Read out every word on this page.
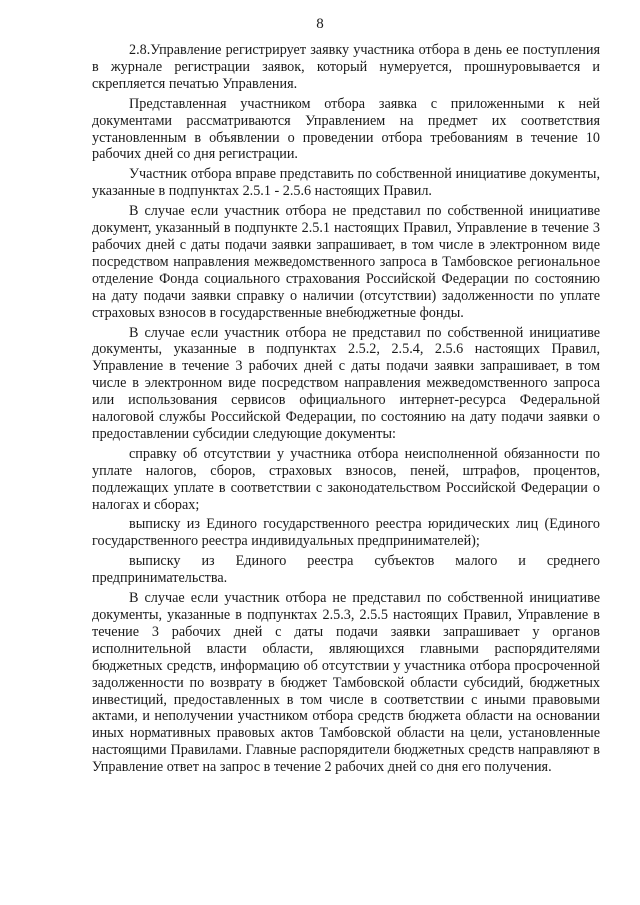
8

2.8.Управление регистрирует заявку участника отбора в день ее поступления в журнале регистрации заявок, который нумеруется, прошнуровывается и скрепляется печатью Управления.

Представленная участником отбора заявка с приложенными к ней документами рассматриваются Управлением на предмет их соответствия установленным в объявлении о проведении отбора требованиям в течение 10 рабочих дней со дня регистрации.

Участник отбора вправе представить по собственной инициативе документы, указанные в подпунктах 2.5.1 - 2.5.6 настоящих Правил.

В случае если участник отбора не представил по собственной инициативе документ, указанный в подпункте 2.5.1 настоящих Правил, Управление в течение 3 рабочих дней с даты подачи заявки запрашивает, в том числе в электронном виде посредством направления межведомственного запроса в Тамбовское региональное отделение Фонда социального страхования Российской Федерации по состоянию на дату подачи заявки справку о наличии (отсутствии) задолженности по уплате страховых взносов в государственные внебюджетные фонды.

В случае если участник отбора не представил по собственной инициативе документы, указанные в подпунктах 2.5.2, 2.5.4, 2.5.6 настоящих Правил, Управление в течение 3 рабочих дней с даты подачи заявки запрашивает, в том числе в электронном виде посредством направления межведомственного запроса или использования сервисов официального интернет-ресурса Федеральной налоговой службы Российской Федерации, по состоянию на дату подачи заявки о предоставлении субсидии следующие документы:

справку об отсутствии у участника отбора неисполненной обязанности по уплате налогов, сборов, страховых взносов, пеней, штрафов, процентов, подлежащих уплате в соответствии с законодательством Российской Федерации о налогах и сборах;

выписку из Единого государственного реестра юридических лиц (Единого государственного реестра индивидуальных предпринимателей);

выписку из Единого реестра субъектов малого и среднего предпринимательства.

В случае если участник отбора не представил по собственной инициативе документы, указанные в подпунктах 2.5.3, 2.5.5 настоящих Правил, Управление в течение 3 рабочих дней с даты подачи заявки запрашивает у органов исполнительной власти области, являющихся главными распорядителями бюджетных средств, информацию об отсутствии у участника отбора просроченной задолженности по возврату в бюджет Тамбовской области субсидий, бюджетных инвестиций, предоставленных в том числе в соответствии с иными правовыми актами, и неполучении участником отбора средств бюджета области на основании иных нормативных правовых актов Тамбовской области на цели, установленные настоящими Правилами. Главные распорядители бюджетных средств направляют в Управление ответ на запрос в течение 2 рабочих дней со дня его получения.
